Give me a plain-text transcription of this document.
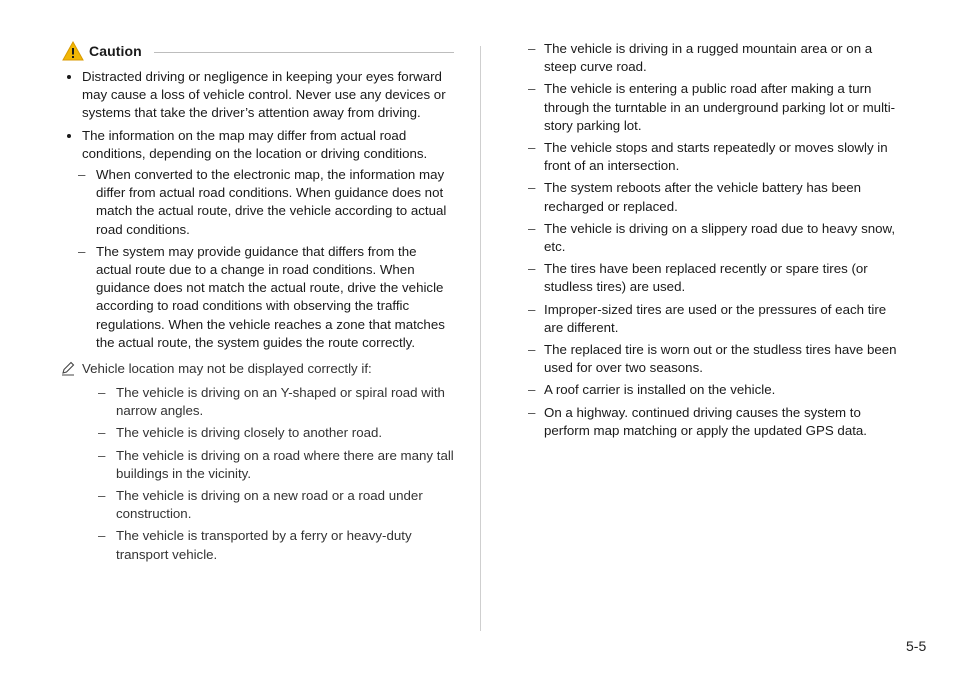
Caution
Distracted driving or negligence in keeping your eyes forward may cause a loss of vehicle control. Never use any devices or systems that take the driver’s attention away from driving.
The information on the map may differ from actual road conditions, depending on the location or driving conditions.
– When converted to the electronic map, the information may differ from actual road conditions. When guidance does not match the actual route, drive the vehicle according to actual road conditions.
– The system may provide guidance that differs from the actual route due to a change in road conditions. When guidance does not match the actual route, drive the vehicle according to road conditions with observing the traffic regulations. When the vehicle reaches a zone that matches the actual route, the system guides the route correctly.
Vehicle location may not be displayed correctly if:
– The vehicle is driving on an Y-shaped or spiral road with narrow angles.
– The vehicle is driving closely to another road.
– The vehicle is driving on a road where there are many tall buildings in the vicinity.
– The vehicle is driving on a new road or a road under construction.
– The vehicle is transported by a ferry or heavy-duty transport vehicle.
– The vehicle is driving in a rugged mountain area or on a steep curve road.
– The vehicle is entering a public road after making a turn through the turntable in an underground parking lot or multi-story parking lot.
– The vehicle stops and starts repeatedly or moves slowly in front of an intersection.
– The system reboots after the vehicle battery has been recharged or replaced.
– The vehicle is driving on a slippery road due to heavy snow, etc.
– The tires have been replaced recently or spare tires (or studless tires) are used.
– Improper-sized tires are used or the pressures of each tire are different.
– The replaced tire is worn out or the studless tires have been used for over two seasons.
– A roof carrier is installed on the vehicle.
– On a highway. continued driving causes the system to perform map matching or apply the updated GPS data.
5-5
